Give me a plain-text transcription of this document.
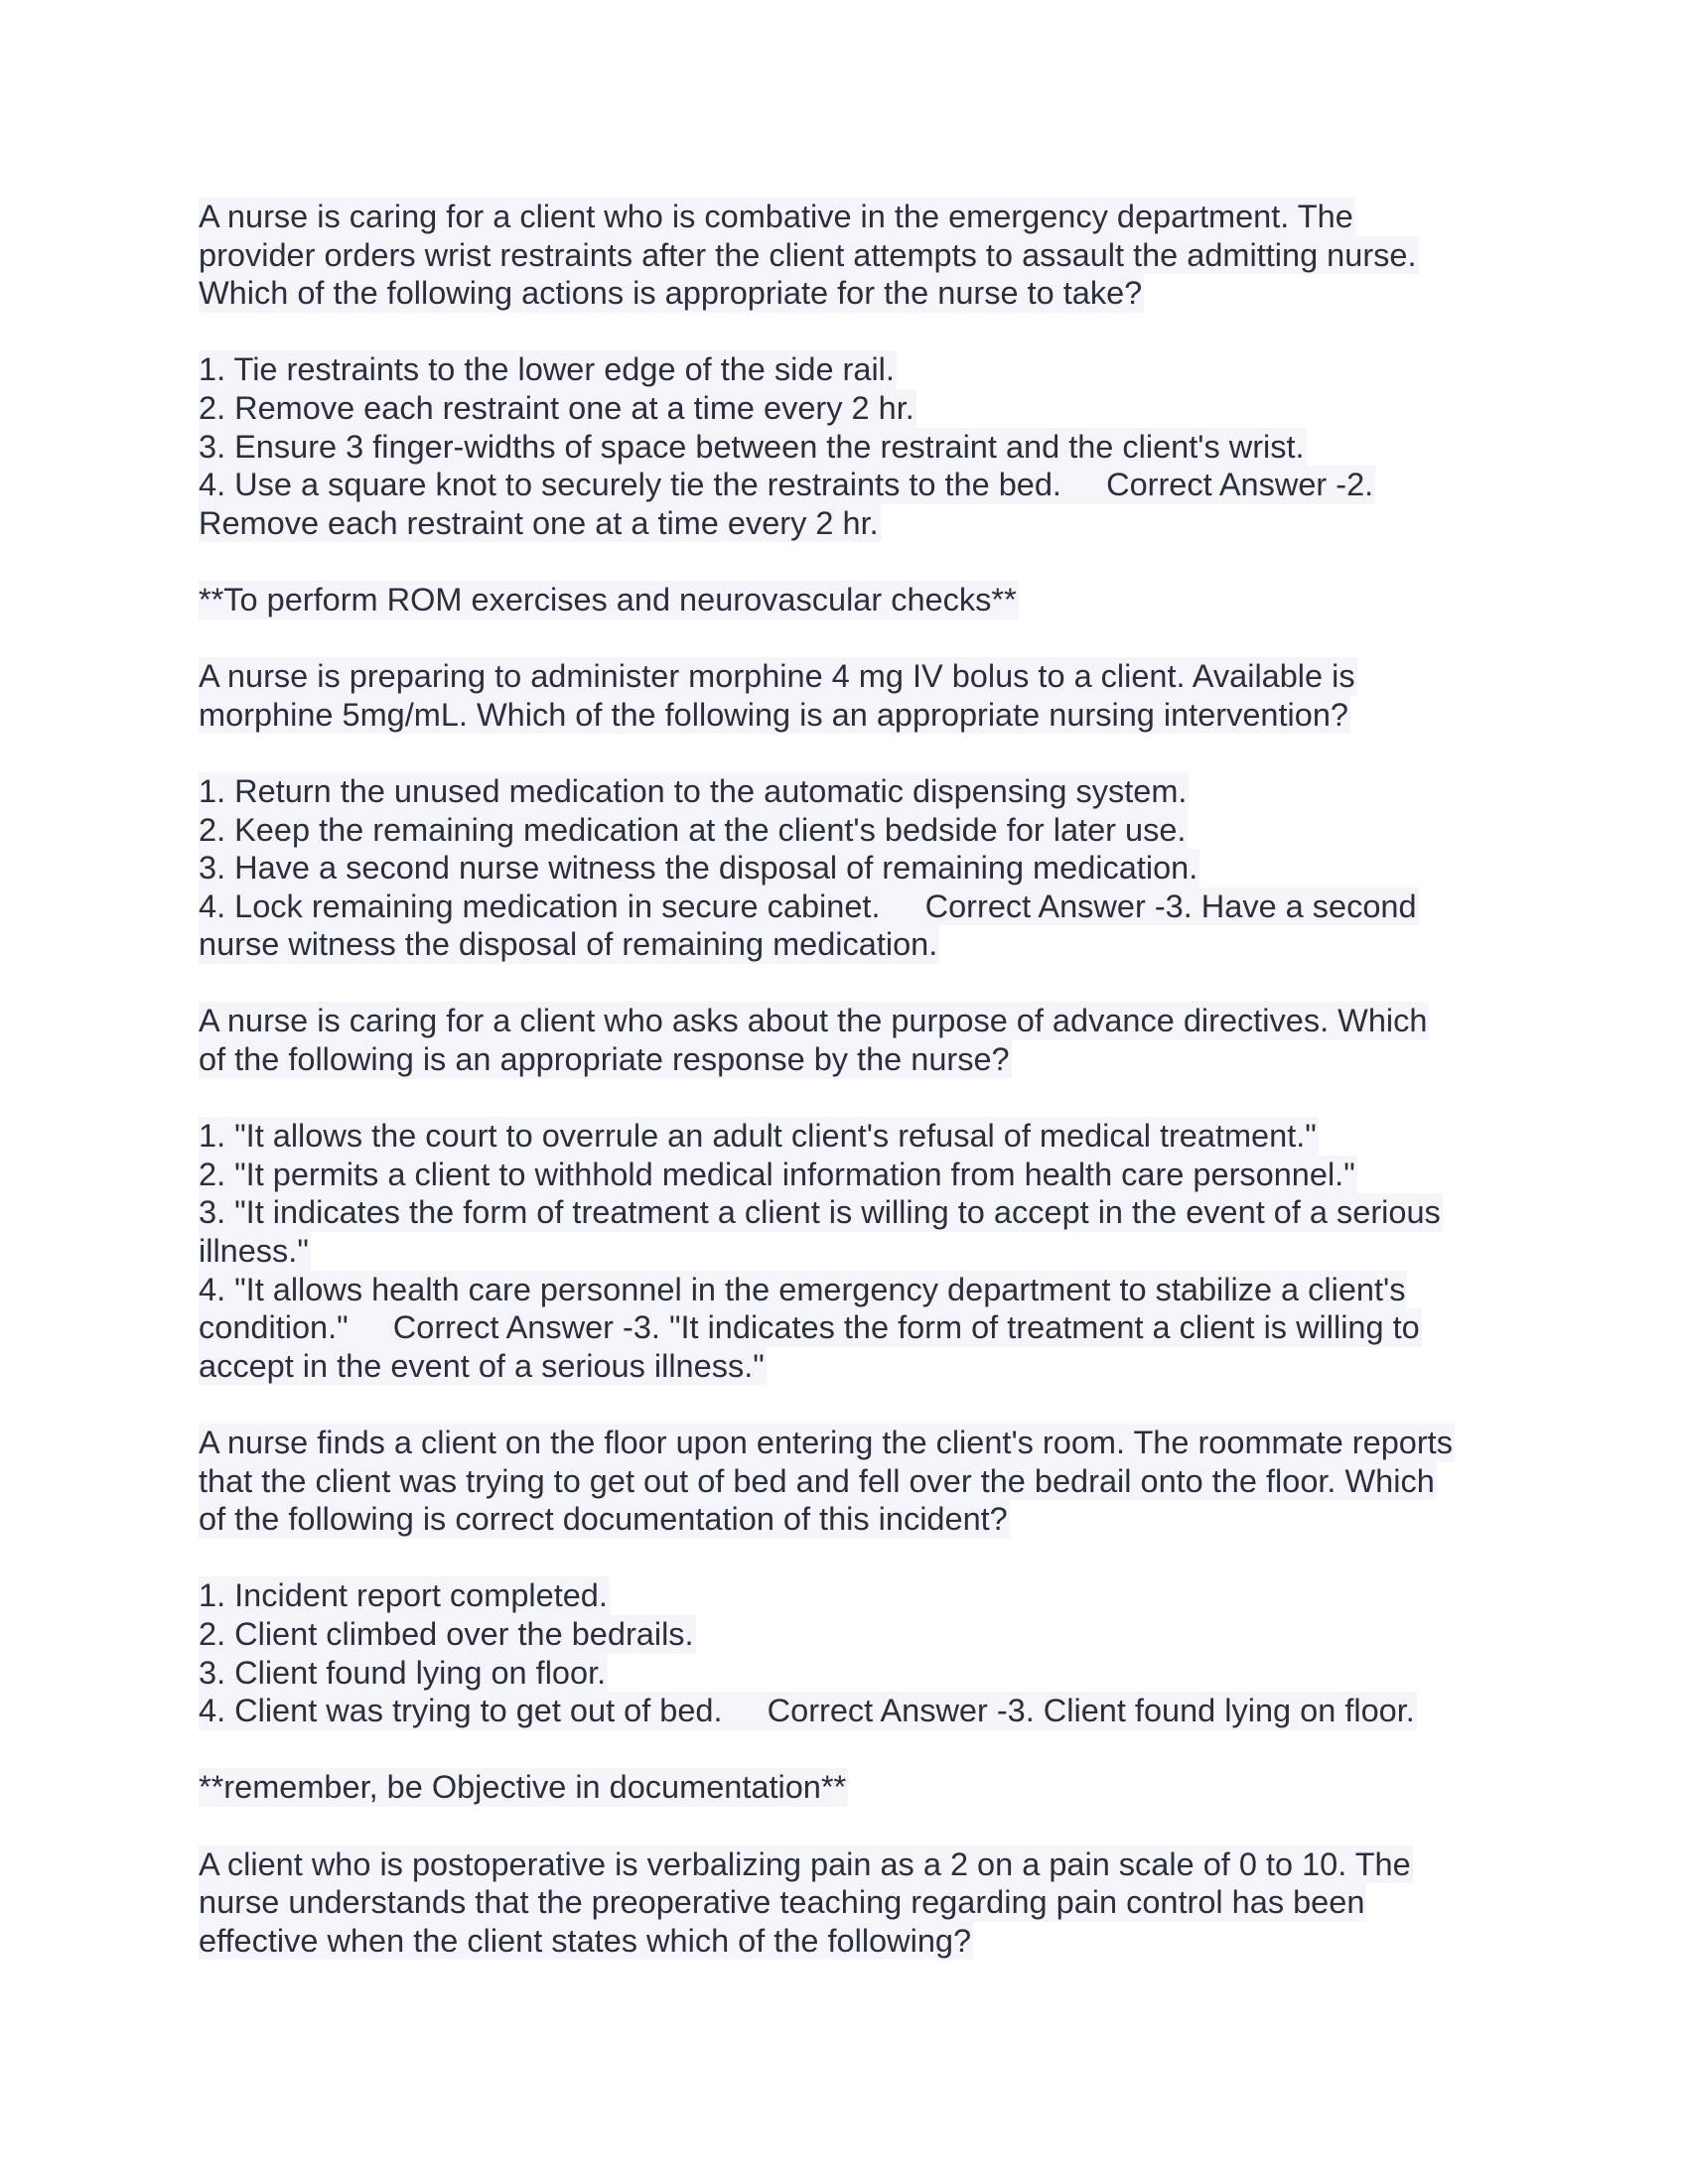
A nurse is caring for a client who is combative in the emergency department. The
provider orders wrist restraints after the client attempts to assault the admitting nurse.
Which of the following actions is appropriate for the nurse to take?
1. Tie restraints to the lower edge of the side rail.
2. Remove each restraint one at a time every 2 hr.
3. Ensure 3 finger-widths of space between the restraint and the client's wrist.
4. Use a square knot to securely tie the restraints to the bed.     Correct Answer -2.
Remove each restraint one at a time every 2 hr.
**To perform ROM exercises and neurovascular checks**
A nurse is preparing to administer morphine 4 mg IV bolus to a client. Available is
morphine 5mg/mL. Which of the following is an appropriate nursing intervention?
1. Return the unused medication to the automatic dispensing system.
2. Keep the remaining medication at the client's bedside for later use.
3. Have a second nurse witness the disposal of remaining medication.
4. Lock remaining medication in secure cabinet.     Correct Answer -3. Have a second
nurse witness the disposal of remaining medication.
A nurse is caring for a client who asks about the purpose of advance directives. Which
of the following is an appropriate response by the nurse?
1. "It allows the court to overrule an adult client's refusal of medical treatment."
2. "It permits a client to withhold medical information from health care personnel."
3. "It indicates the form of treatment a client is willing to accept in the event of a serious
illness."
4. "It allows health care personnel in the emergency department to stabilize a client's
condition."     Correct Answer -3. "It indicates the form of treatment a client is willing to
accept in the event of a serious illness."
A nurse finds a client on the floor upon entering the client's room. The roommate reports
that the client was trying to get out of bed and fell over the bedrail onto the floor. Which
of the following is correct documentation of this incident?
1. Incident report completed.
2. Client climbed over the bedrails.
3. Client found lying on floor.
4. Client was trying to get out of bed.     Correct Answer -3. Client found lying on floor.
**remember, be Objective in documentation**
A client who is postoperative is verbalizing pain as a 2 on a pain scale of 0 to 10. The
nurse understands that the preoperative teaching regarding pain control has been
effective when the client states which of the following?
